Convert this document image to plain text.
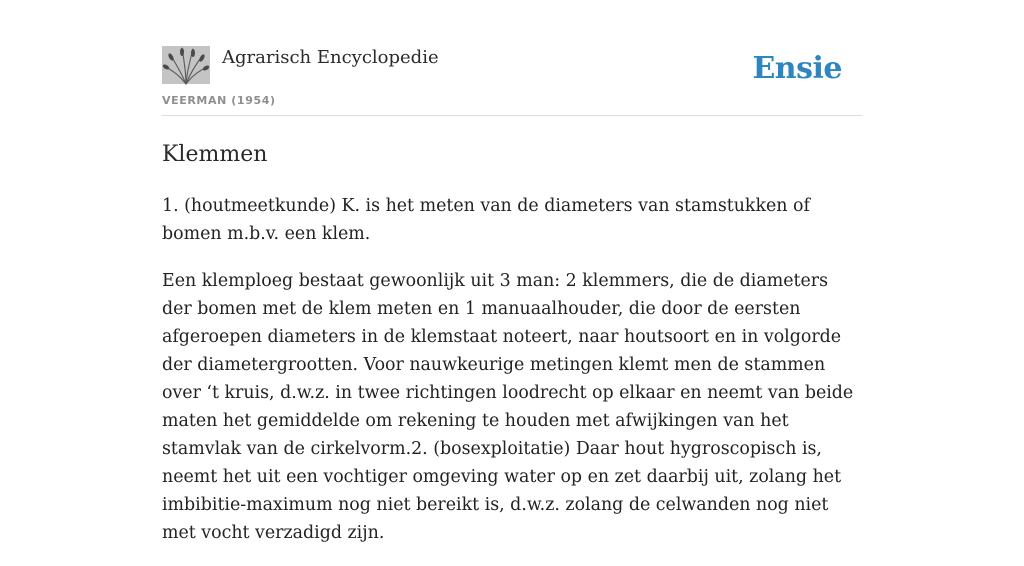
Agrarisch Encyclopedie
VEERMAN (1954)
Ensie
Klemmen

1. (houtmeetkunde) K. is het meten van de diameters van stamstukken of bomen m.b.v. een klem.

Een klemploeg bestaat gewoonlijk uit 3 man: 2 klemmers, die de diameters der bomen met de klem meten en 1 manuaalhouder, die door de eersten afgeroepen diameters in de klemstaat noteert, naar houtsoort en in volgorde der diametergrootten. Voor nauwkeurige metingen klemt men de stammen over ‘t kruis, d.w.z. in twee richtingen loodrecht op elkaar en neemt van beide maten het gemiddelde om rekening te houden met afwijkingen van het stamvlak van de cirkelvorm.2. (bosexploitatie) Daar hout hygroscopisch is, neemt het uit een vochtiger omgeving water op en zet daarbij uit, zolang het imbibitie-maximum nog niet bereikt is, d.w.z. zolang de celwanden nog niet met vocht verzadigd zijn.
